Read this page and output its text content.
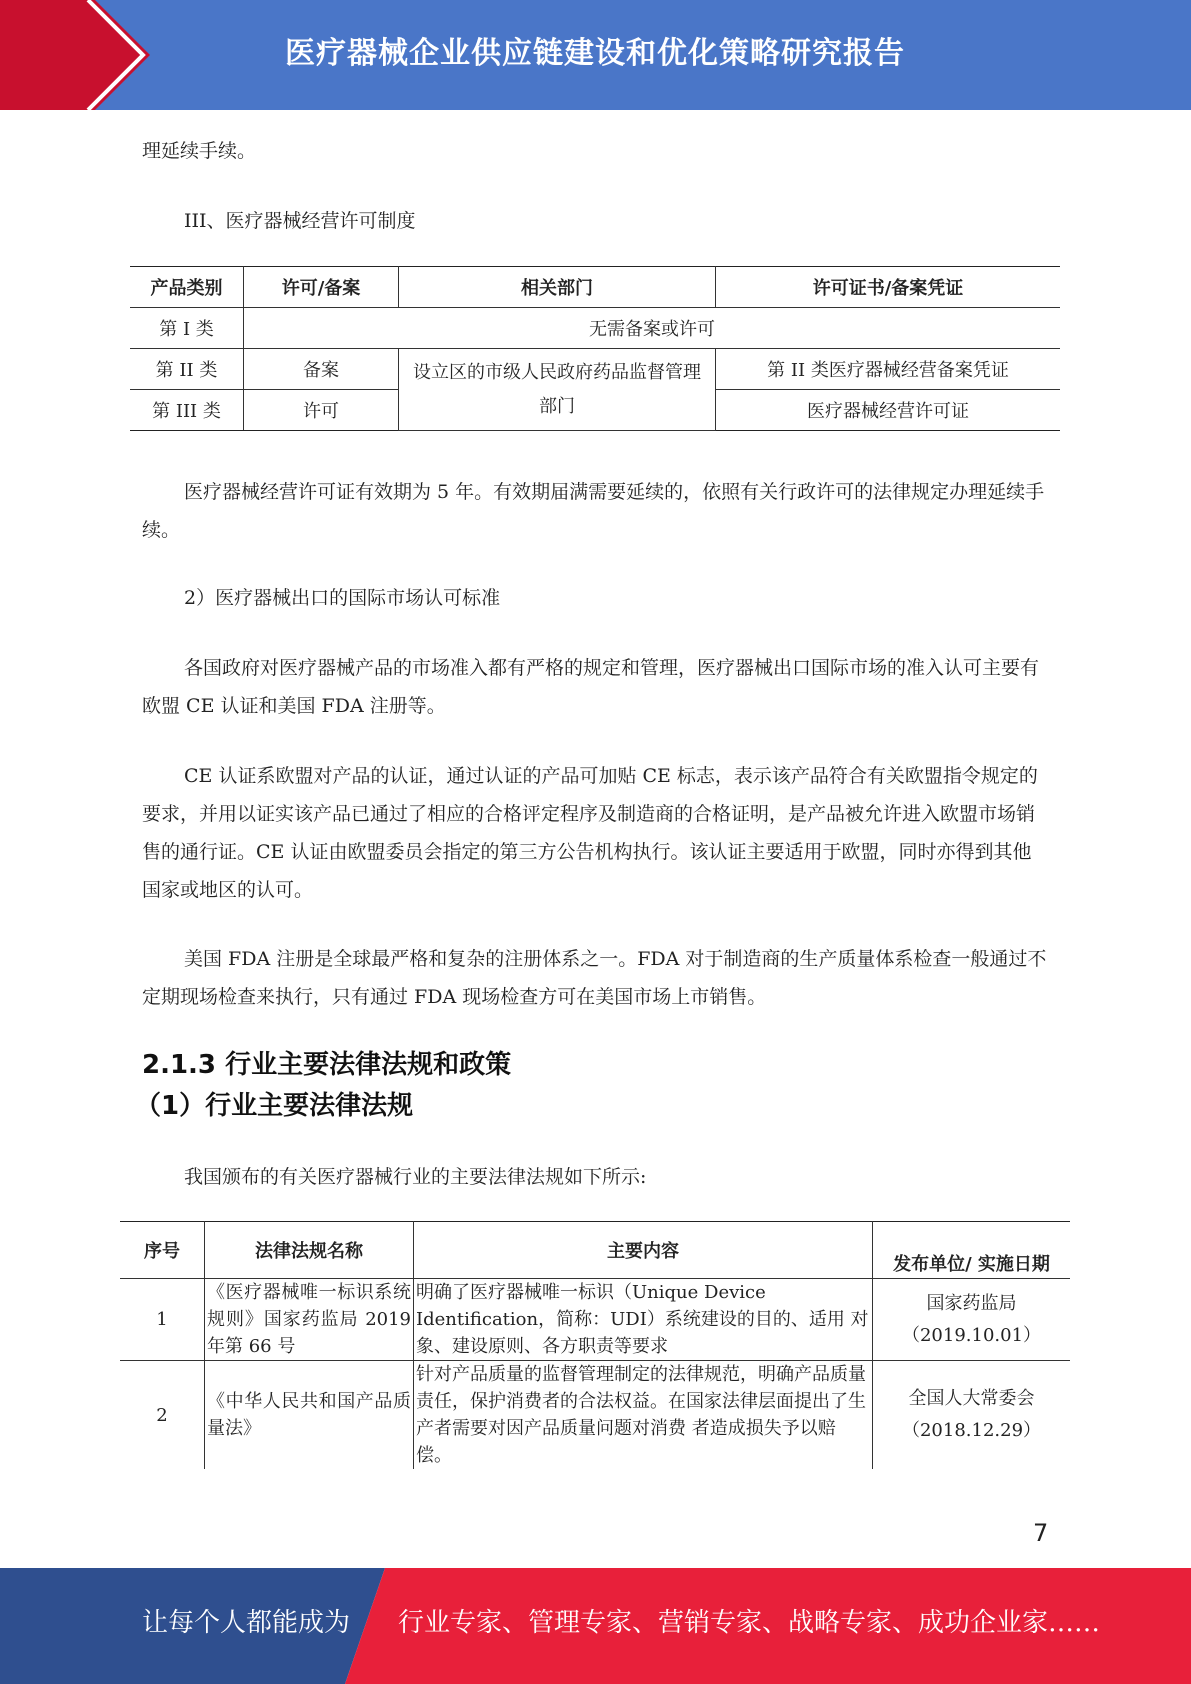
医疗器械企业供应链建设和优化策略研究报告
理延续手续。
III、医疗器械经营许可制度
产品类别	许可/备案	相关部门	许可证书/备案凭证
第 I 类	无需备案或许可		
第 II 类	备案	设立区的市级人民政府药品监督管理部门	第 II 类医疗器械经营备案凭证
第 III 类	许可		医疗器械经营许可证
医疗器械经营许可证有效期为 5 年。有效期届满需要延续的，依照有关行政许可的法律规定办理延续手续。
2）医疗器械出口的国际市场认可标准
各国政府对医疗器械产品的市场准入都有严格的规定和管理，医疗器械出口国际市场的准入认可主要有欧盟 CE 认证和美国 FDA 注册等。
CE 认证系欧盟对产品的认证，通过认证的产品可加贴 CE 标志，表示该产品符合有关欧盟指令规定的要求，并用以证实该产品已通过了相应的合格评定程序及制造商的合格证明，是产品被允许进入欧盟市场销售的通行证。CE 认证由欧盟委员会指定的第三方公告机构执行。该认证主要适用于欧盟，同时亦得到其他国家或地区的认可。
美国 FDA 注册是全球最严格和复杂的注册体系之一。FDA 对于制造商的生产质量体系检查一般通过不定期现场检查来执行，只有通过 FDA 现场检查方可在美国市场上市销售。
2.1.3 行业主要法律法规和政策
（1）行业主要法律法规
我国颁布的有关医疗器械行业的主要法律法规如下所示:
序号	法律法规名称	主要内容	发布单位/ 实施日期
1	《医疗器械唯一标识系统规则》国家药监局 2019 年第 66 号	明确了医疗器械唯一标识（Unique Device Identification，简称：UDI）系统建设的目的、适用 对象、建设原则、各方职责等要求	国家药监局
（2019.10.01）

2	《中华人民共和国产品质量法》	针对产品质量的监督管理制定的法律规范，明确产品质量责任，保护消费者的合法权益。在国家法律层面提出了生产者需要对因产品质量问题对消费 者造成损失予以赔偿。	全国人大常委会
（2018.12.29）
7
让每个人都能成为 行业专家、管理专家、营销专家、战略专家、成功企业家……
